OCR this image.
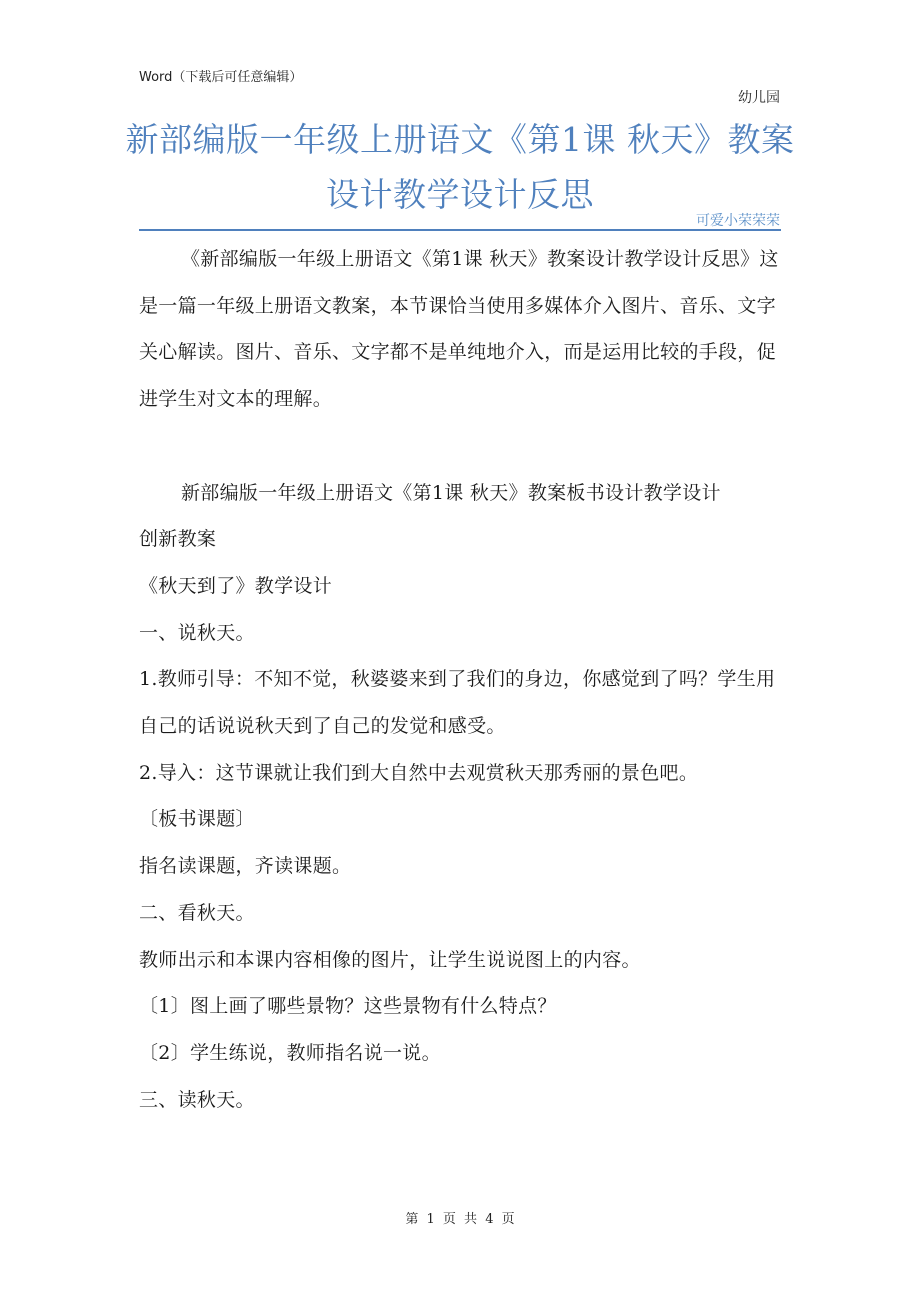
Word（下载后可任意编辑）
幼儿园
新部编版一年级上册语文《第1课 秋天》教案设计教学设计反思
可爱小荣荣荣

《新部编版一年级上册语文《第1课 秋天》教案设计教学设计反思》这是一篇一年级上册语文教案，本节课恰当使用多媒体介入图片、音乐、文字关心解读。图片、音乐、文字都不是单纯地介入，而是运用比较的手段，促进学生对文本的理解。

新部编版一年级上册语文《第1课 秋天》教案板书设计教学设计

创新教案

《秋天到了》教学设计

一、说秋天。

1.教师引导：不知不觉，秋婆婆来到了我们的身边，你感觉到了吗？学生用自己的话说说秋天到了自己的发觉和感受。

2.导入：这节课就让我们到大自然中去观赏秋天那秀丽的景色吧。

〔板书课题〕

指名读课题，齐读课题。

二、看秋天。

教师出示和本课内容相像的图片，让学生说说图上的内容。

〔1〕图上画了哪些景物？这些景物有什么特点？

〔2〕学生练说，教师指名说一说。

三、读秋天。

第 1 页 共 4 页
